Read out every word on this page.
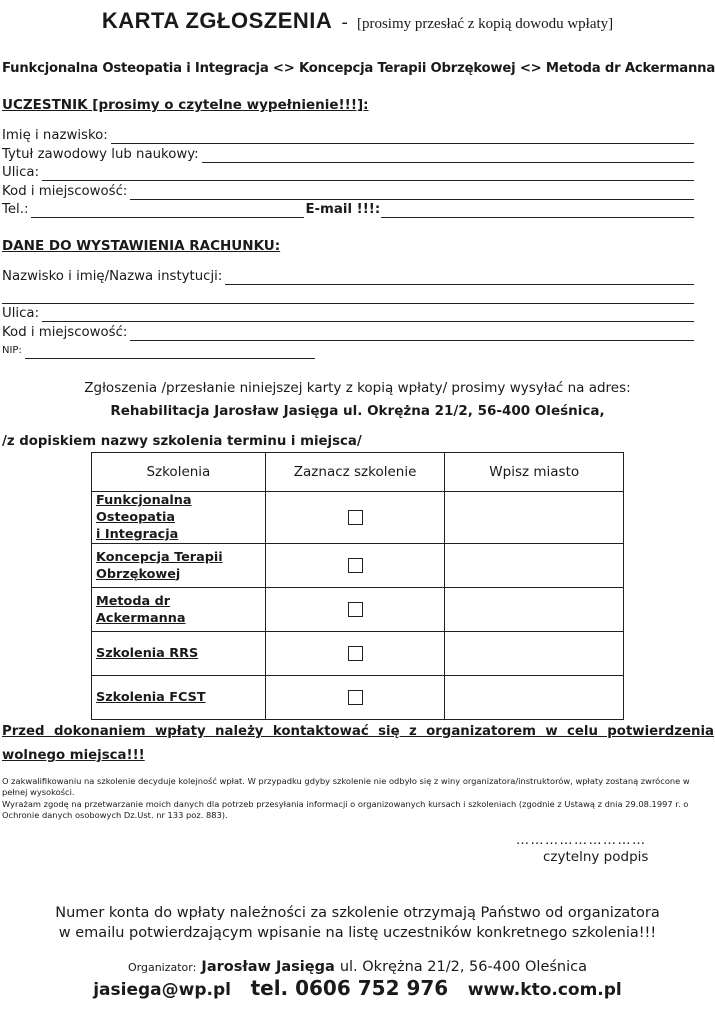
KARTA ZGŁOSZENIA - [prosimy przesłać z kopią dowodu wpłaty]
Funkcjonalna Osteopatia i Integracja <> Koncepcja Terapii Obrzękowej <> Metoda dr Ackermanna
UCZESTNIK [prosimy o czytelne wypełnienie!!!]:
Imię i nazwisko:
Tytuł zawodowy lub naukowy:
Ulica:
Kod i miejscowość:
Tel.:	E-mail !!!:
DANE DO WYSTAWIENIA RACHUNKU:
Nazwisko i imię/Nazwa instytucji:
Ulica:
Kod i miejscowość:
NIP:
Zgłoszenia /przesłanie niniejszej karty z kopią wpłaty/ prosimy wysyłać na adres:
Rehabilitacja Jarosław Jasięga ul. Okrężna 21/2, 56-400 Oleśnica,
/z dopiskiem nazwy szkolenia terminu i miejsca/
Szkolenia	Zaznacz szkolenie	Wpisz miasto

Funkcjonalna Osteopatia
i Integracja		

Koncepcja Terapii
Obrzękowej		

Metoda dr Ackermanna		

Szkolenia RRS		

Szkolenia FCST		

Przed dokonaniem wpłaty należy kontaktować się z organizatorem w celu potwierdzenia wolnego miejsca!!!
O zakwalifikowaniu na szkolenie decyduje kolejność wpłat. W przypadku gdyby szkolenie nie odbyło się z winy organizatora/instruktorów, wpłaty zostaną zwrócone w pełnej wysokości.
Wyrażam zgodę na przetwarzanie moich danych dla potrzeb przesyłania informacji o organizowanych kursach i szkoleniach (zgodnie z Ustawą z dnia 29.08.1997 r. o Ochronie danych osobowych Dz.Ust. nr 133 poz. 883).
………………………
czytelny podpis
Numer konta do wpłaty należności za szkolenie otrzymają Państwo od organizatora
w emailu potwierdzającym wpisanie na listę uczestników konkretnego szkolenia!!!
Organizator: Jarosław Jasięga ul. Okrężna 21/2, 56-400 Oleśnica
jasiega@wp.pl tel. 0606 752 976 www.kto.com.pl
